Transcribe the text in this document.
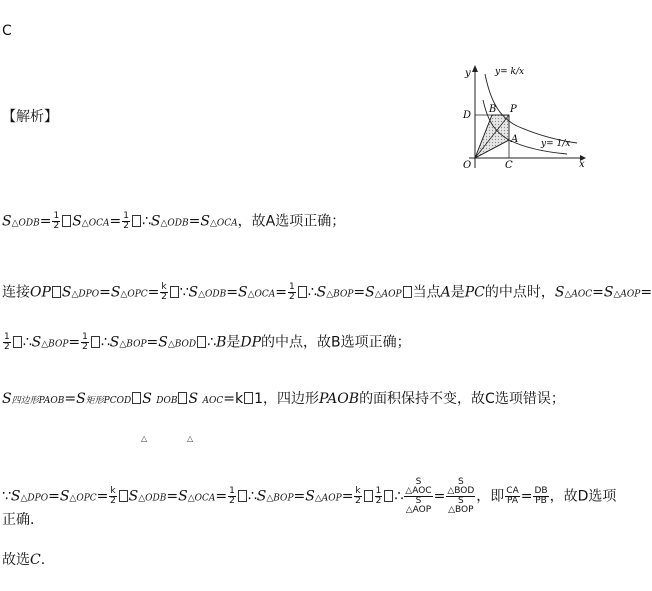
C
【解析】
y
x
O
D
B P
A
C
y= k/x
y= 1/x
S△ODB= $\frac{1}{2}$ S△OCA= $\frac{1}{2}$ ∴S△ODB=S△OCA，故A选项正确；
连接OP S△DPO=S△OPC= $\frac{k}{2}$ ∵S△ODB=S△OCA= $\frac{1}{2}$ ∴S△BOP=S△AOP 当点A是PC的中点时，S△AOC=S△AOP=
$\frac{1}{2}$ ∴S△BOP= $\frac{1}{2}$ ∴S△BOP=S△BOD ∴B是DP的中点，故B选项正确；
S四边形PAOB=S矩形PCOD S DOB S AOC=k 1，四边形PAOB的面积保持不变，故C选项错误；
△	△
∵S△DPO=S△OPC= $\frac{k}{2}$ S△ODB=S△OCA= $\frac{1}{2}$ ∴S△BOP=S△AOP= $\frac{k}{2} \frac{1}{2}$ ∴
S
△AOC
S
△AOP
=
S
△BOD
S
△BOP
，即 $\frac{CA}{PA} = \frac{DB}{PB}$ ，故D选项
正确.
故选C.
